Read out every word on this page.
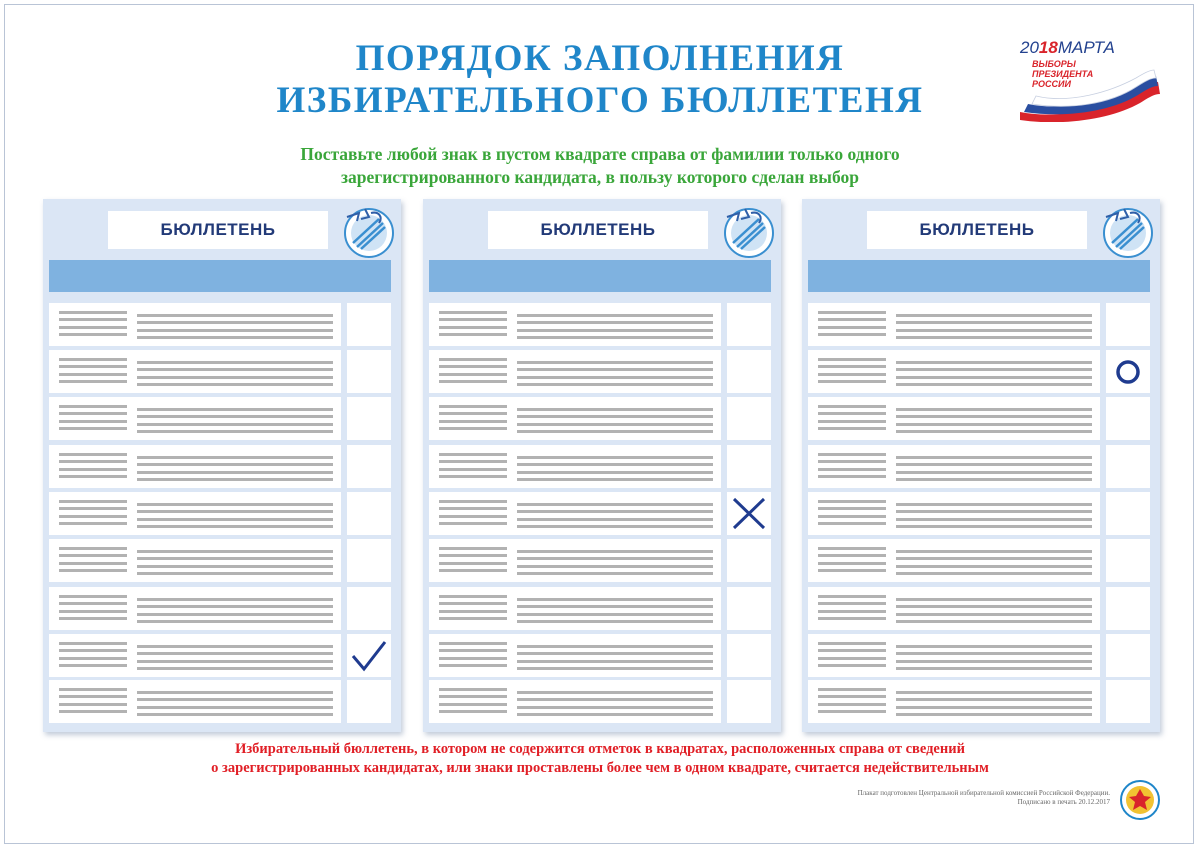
ПОРЯДОК ЗАПОЛНЕНИЯ
ИЗБИРАТЕЛЬНОГО БЮЛЛЕТЕНЯ
Поставьте любой знак в пустом квадрате справа от фамилии только одного
зарегистрированного кандидата, в пользу которого сделан выбор
2018МАРТА
ВЫБОРЫ
ПРЕЗИДЕНТА
РОССИИ
БЮЛЛЕТЕНЬ	БЮЛЛЕТЕНЬ	БЮЛЛЕТЕНЬ
Избирательный бюллетень, в котором не содержится отметок в квадратах, расположенных справа от сведений
о зарегистрированных кандидатах, или знаки проставлены более чем в одном квадрате, считается недействительным
Плакат подготовлен Центральной избирательной комиссией Российской Федерации.
Подписано в печать 20.12.2017
